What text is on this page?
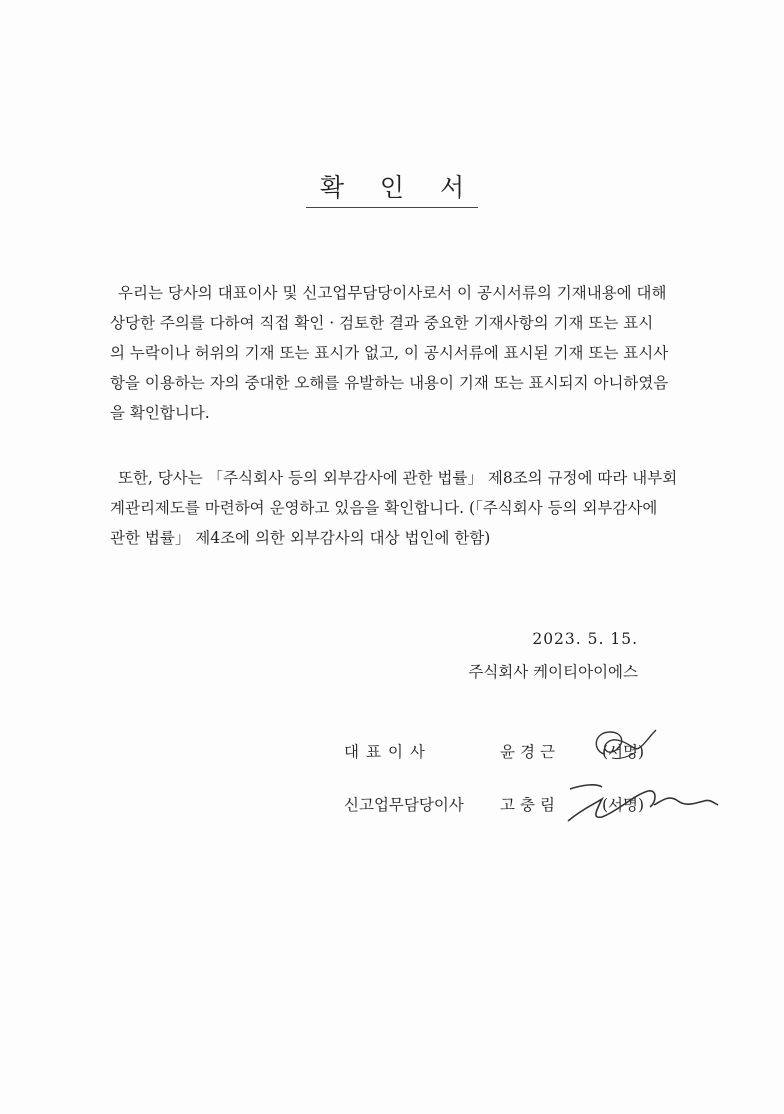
확 인 서
우리는 당사의 대표이사 및 신고업무담당이사로서 이 공시서류의 기재내용에 대해
상당한 주의를 다하여 직접 확인 · 검토한 결과 중요한 기재사항의 기재 또는 표시
의 누락이나 허위의 기재 또는 표시가 없고, 이 공시서류에 표시된 기재 또는 표시사
항을 이용하는 자의 중대한 오해를 유발하는 내용이 기재 또는 표시되지 아니하였음
을 확인합니다.
또한, 당사는 「주식회사 등의 외부감사에 관한 법률」 제8조의 규정에 따라 내부회
계관리제도를 마련하여 운영하고 있음을 확인합니다. (「주식회사 등의 외부감사에
관한 법률」 제4조에 의한 외부감사의 대상 법인에 한함)
2023. 5. 15.
주식회사 케이티아이에스
대표이사	윤경근	(서명)
신고업무담당이사 고충림	(서명)
